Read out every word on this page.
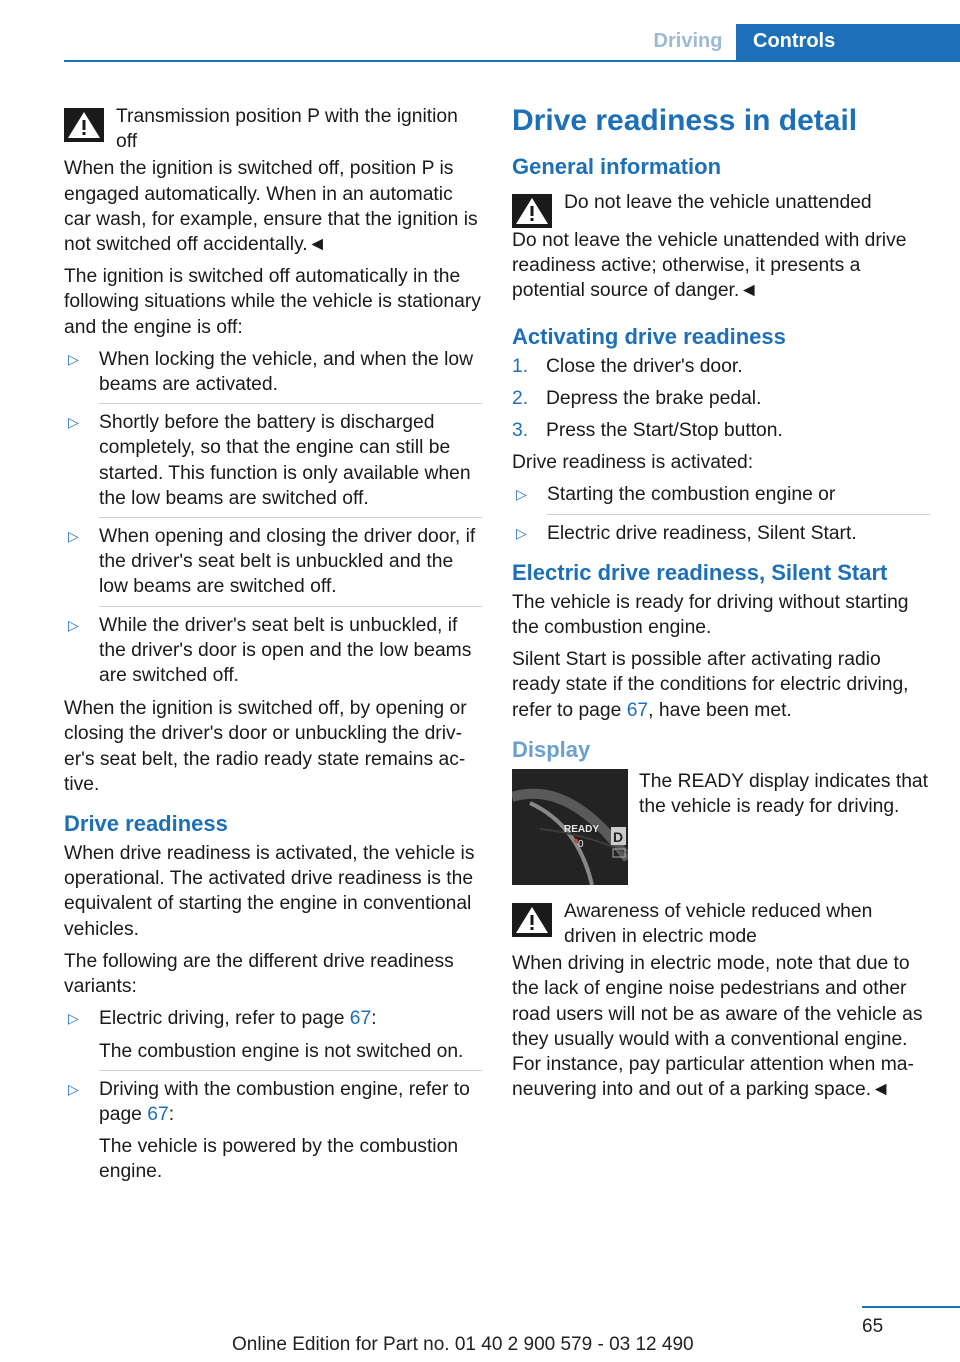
Driving	Controls
Transmission position P with the ignition off

When the ignition is switched off, position P is engaged automatically. When in an automatic car wash, for example, ensure that the ignition is not switched off accidentally.◄

The ignition is switched off automatically in the following situations while the vehicle is stationary and the engine is off:

▷ When locking the vehicle, and when the low beams are activated.
▷ Shortly before the battery is discharged completely, so that the engine can still be started. This function is only available when the low beams are switched off.
▷ When opening and closing the driver door, if the driver's seat belt is unbuckled and the low beams are switched off.
▷ While the driver's seat belt is unbuckled, if the driver's door is open and the low beams are switched off.

When the ignition is switched off, by opening or closing the driver's door or unbuckling the driver's seat belt, the radio ready state remains active.

Drive readiness

When drive readiness is activated, the vehicle is operational. The activated drive readiness is the equivalent of starting the engine in conventional vehicles.

The following are the different drive readiness variants:

▷ Electric driving, refer to page 67:
The combustion engine is not switched on.
▷ Driving with the combustion engine, refer to page 67:
The vehicle is powered by the combustion engine.
Drive readiness in detail
General information
Do not leave the vehicle unattended

Do not leave the vehicle unattended with drive readiness active; otherwise, it presents a potential source of danger.◄

Activating drive readiness
1. Close the driver's door.
2. Depress the brake pedal.
3. Press the Start/Stop button.

Drive readiness is activated:

▷ Starting the combustion engine or
▷ Electric drive readiness, Silent Start.
Electric drive readiness, Silent Start

The vehicle is ready for driving without starting the combustion engine.

Silent Start is possible after activating radio ready state if the conditions for electric driving, refer to page 67, have been met.

Display
READY
0 D
The READY display indicates that the vehicle is ready for driving.
Awareness of vehicle reduced when driven in electric mode

When driving in electric mode, note that due to the lack of engine noise pedestrians and other road users will not be as aware of the vehicle as they usually would with a conventional engine. For instance, pay particular attention when maneuvering into and out of a parking space.◄

65
Online Edition for Part no. 01 40 2 900 579 - 03 12 490
